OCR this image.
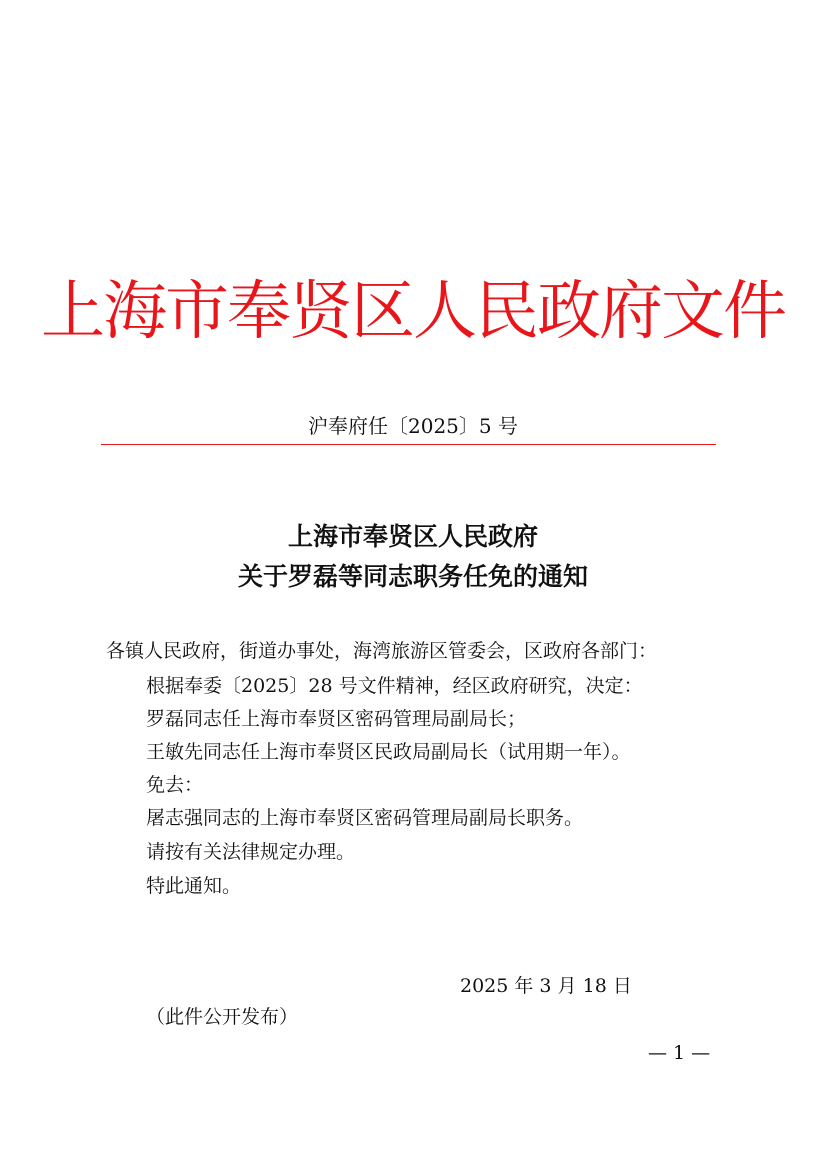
上海市奉贤区人民政府文件
沪奉府任〔2025〕5 号
上海市奉贤区人民政府
关于罗磊等同志职务任免的通知
各镇人民政府，街道办事处，海湾旅游区管委会，区政府各部门：
根据奉委〔2025〕28 号文件精神，经区政府研究，决定：
罗磊同志任上海市奉贤区密码管理局副局长；
王敏先同志任上海市奉贤区民政局副局长（试用期一年）。
免去：
屠志强同志的上海市奉贤区密码管理局副局长职务。
请按有关法律规定办理。
特此通知。
2025 年 3 月 18 日
（此件公开发布）
— 1 —
